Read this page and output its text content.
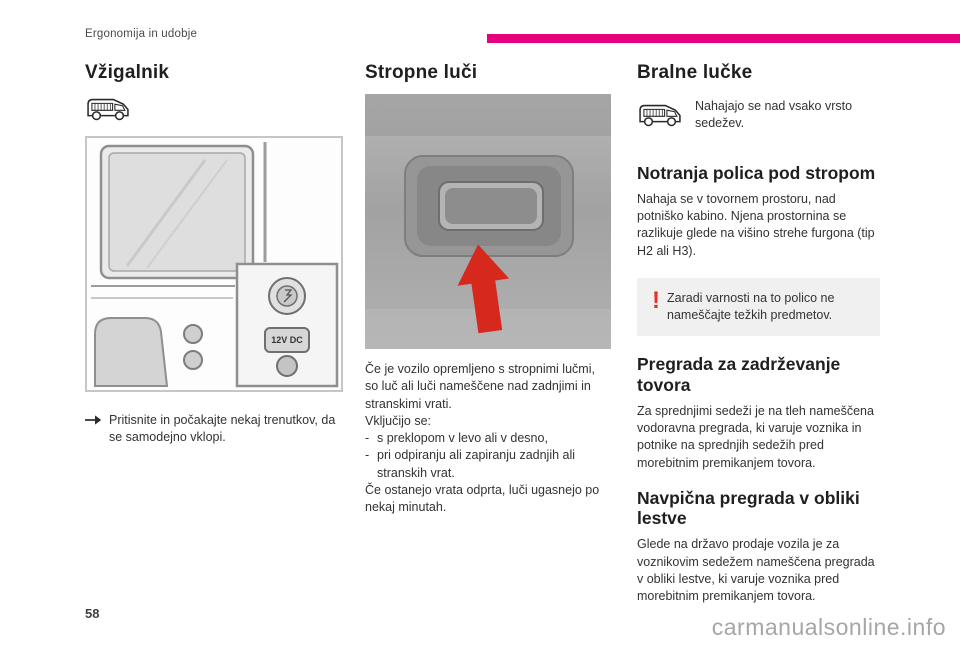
Ergonomija in udobje
Vžigalnik
12V DC

Pritisnite in počakajte nekaj trenutkov, da se samodejno vklopi.

Stropne luči

Če je vozilo opremljeno s stropnimi lučmi, so luč ali luči nameščene nad zadnjimi in stranskimi vrati.

Vključijo se:

- s preklopom v levo ali v desno,
- pri odpiranju ali zapiranju zadnjih ali stranskih vrat.

Če ostanejo vrata odprta, luči ugasnejo po nekaj minutah.

Bralne lučke

Nahajajo se nad vsako vrsto sedežev.

Notranja polica pod stropom

Nahaja se v tovornem prostoru, nad potniško kabino. Njena prostornina se razlikuje glede na višino strehe furgona (tip H2 ali H3).

! Zaradi varnosti na to polico ne nameščajte težkih predmetov.

Pregrada za zadrževanje tovora

Za sprednjimi sedeži je na tleh nameščena vodoravna pregrada, ki varuje voznika in potnike na sprednjih sedežih pred morebitnim premikanjem tovora.

Navpična pregrada v obliki lestve

Glede na državo prodaje vozila je za voznikovim sedežem nameščena pregrada v obliki lestve, ki varuje voznika pred morebitnim premikanjem tovora.

58
carmanualsonline.info
